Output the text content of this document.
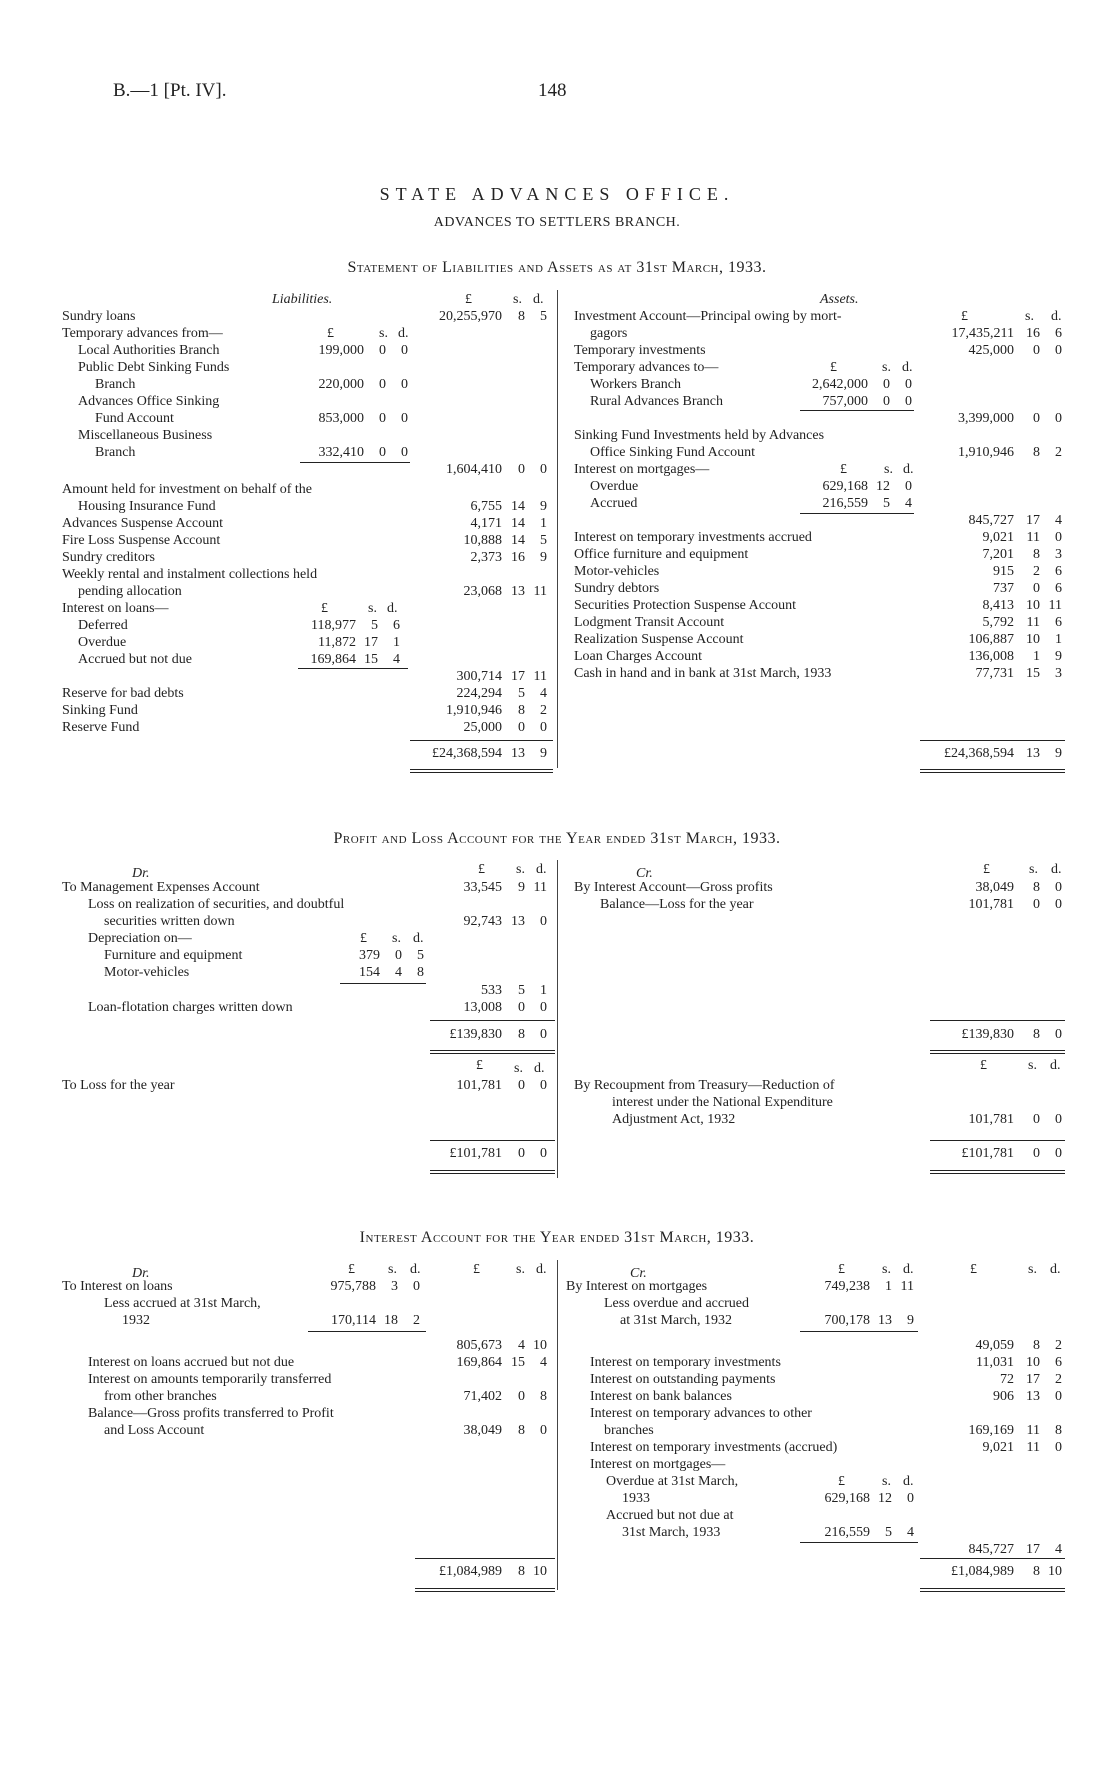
B.—1 [Pt. IV].	148
STATE ADVANCES OFFICE.
ADVANCES TO SETTLERS BRANCH.
Statement of Liabilities and Assets as at 31st March, 1933.
Liabilities.	£	s. d.
Sundry loans	20,255,970	8	5
Temporary advances from—	£	s. d.
Local Authorities Branch	199,000	0	0
Public Debt Sinking Funds
Branch	220,000	0	0
Advances Office Sinking
Fund Account	853,000	0	0
Miscellaneous Business
Branch	332,410	0	0
1,604,410	0	0
Amount held for investment on behalf of the
Housing Insurance Fund	6,755 14	9
Advances Suspense Account	4,171 14	1
Fire Loss Suspense Account	10,888 14	5
Sundry creditors	2,373 16	9
Weekly rental and instalment collections held
pending allocation	23,068 13 11
Interest on loans—	£	s. d.
Deferred	118,977	5	6
Overdue	11,872 17	1
Accrued but not due	169,864 15	4
300,714 17 11
Reserve for bad debts	224,294	5	4
Sinking Fund	1,910,946	8	2
Reserve Fund	25,000	0	0
£24,368,594 13	9
Assets.
Investment Account—Principal owing by mort-	£	s. d.
gagors	17,435,211 16	6
Temporary investments	425,000	0	0
Temporary advances to—	£	s. d.
Workers Branch	2,642,000	0	0
Rural Advances Branch	757,000	0	0
3,399,000	0	0
Sinking Fund Investments held by Advances
Office Sinking Fund Account	1,910,946	8	2
Interest on mortgages—	£	s. d.
Overdue	629,168 12	0
Accrued	216,559	5	4
845,727 17	4
Interest on temporary investments accrued	9,021 11	0
Office furniture and equipment	7,201	8	3
Motor-vehicles	915	2	6
Sundry debtors	737	0	6
Securities Protection Suspense Account	8,413 10 11
Lodgment Transit Account	5,792 11	6
Realization Suspense Account	106,887 10	1
Loan Charges Account	136,008	1	9
Cash in hand and in bank at 31st March, 1933	77,731 15	3
£24,368,594 13	9
Profit and Loss Account for the Year ended 31st March, 1933.
Dr.	£ s. d.
To Management Expenses Account	33,545	9 11
Loss on realization of securities, and doubtful
securities written down	92,743 13	0
Depreciation on—	£ s. d.
Furniture and equipment	379	0	5
Motor-vehicles	154	4	8
533	5	1
Loan-flotation charges written down	13,008	0	0
£139,830	8	0
£ s. d.
To Loss for the year	101,781	0	0
£101,781	0	0
Cr.	£	s. d.
By Interest Account—Gross profits	38,049	8	0
Balance—Loss for the year	101,781	0	0
£139,830	8	0
£	s. d.
By Recoupment from Treasury—Reduction of
interest under the National Expenditure
Adjustment Act, 1932	101,781	0	0
£101,781	0	0
Interest Account for the Year ended 31st March, 1933.
Dr.	£ s. d.	£	s. d.
To Interest on loans	975,788	3	0
Less accrued at 31st March,
1932	170,114 18	2
805,673	4 10
Interest on loans accrued but not due	169,864 15	4
Interest on amounts temporarily transferred
from other branches	71,402	0	8
Balance—Gross profits transferred to Profit
and Loss Account	38,049	8	0
£1,084,989	8 10
Cr.	£	s. d.	£	s. d.
By Interest on mortgages	749,238	1 11
Less overdue and accrued
at 31st March, 1932	700,178 13	9
49,059	8	2
Interest on temporary investments	11,031 10	6
Interest on outstanding payments	72 17	2
Interest on bank balances	906 13	0
Interest on temporary advances to other
branches	169,169 11	8
Interest on temporary investments (accrued)	9,021 11	0
Interest on mortgages—
Overdue at 31st March,	£	s. d.
1933	629,168 12	0
Accrued but not due at
31st March, 1933	216,559	5	4
845,727 17	4
£1,084,989	8 10
